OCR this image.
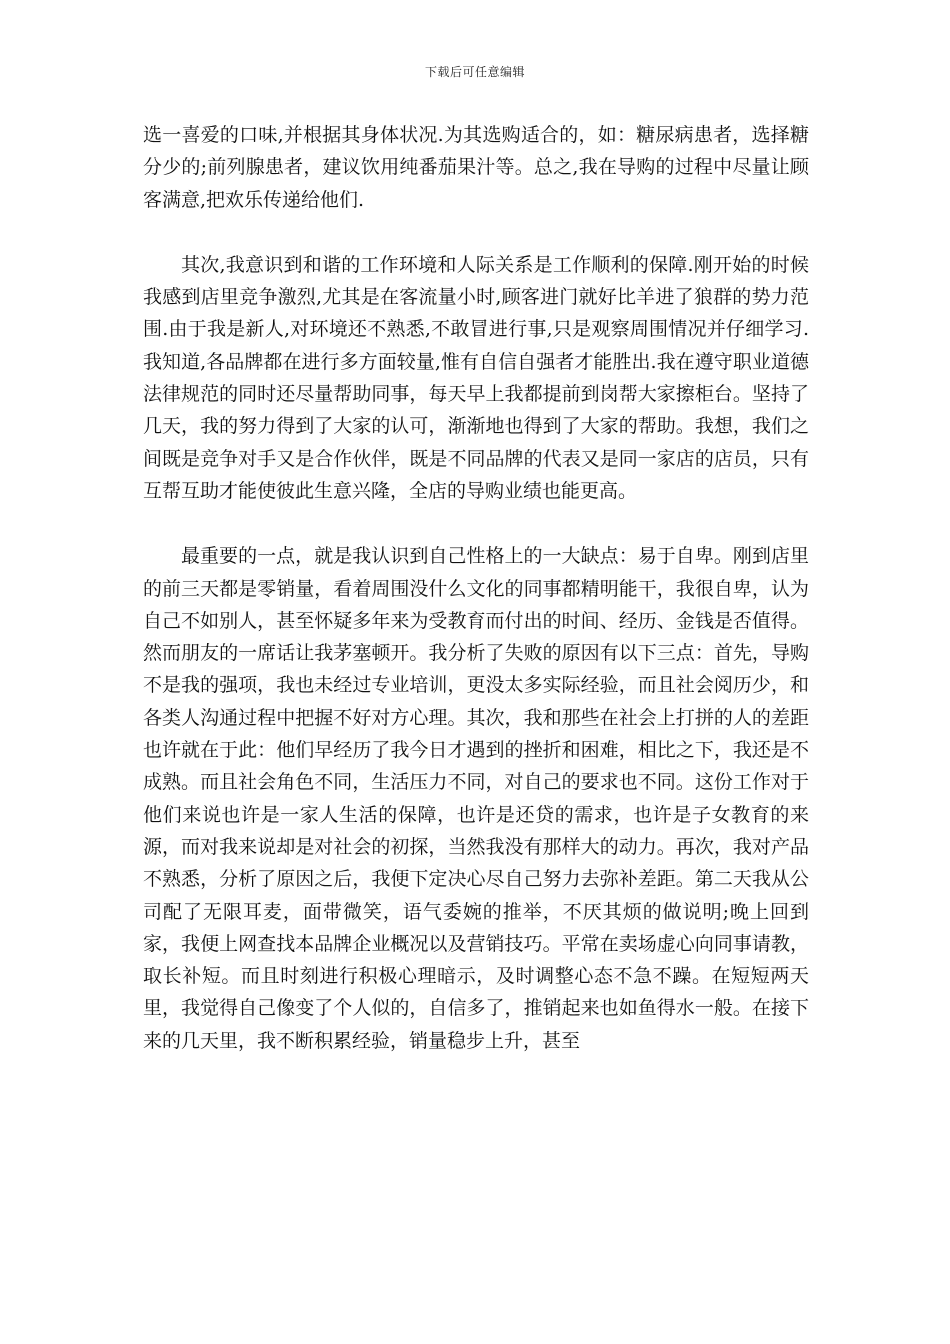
下载后可任意编辑

选一喜爱的口味,并根据其身体状况.为其选购适合的，如：糖尿病患者，选择糖分少的;前列腺患者，建议饮用纯番茄果汁等。总之,我在导购的过程中尽量让顾客满意,把欢乐传递给他们.

其次,我意识到和谐的工作环境和人际关系是工作顺利的保障.刚开始的时候我感到店里竞争激烈,尤其是在客流量小时,顾客进门就好比羊进了狼群的势力范围.由于我是新人,对环境还不熟悉,不敢冒进行事,只是观察周围情况并仔细学习.我知道,各品牌都在进行多方面较量,惟有自信自强者才能胜出.我在遵守职业道德法律规范的同时还尽量帮助同事，每天早上我都提前到岗帮大家擦柜台。坚持了几天，我的努力得到了大家的认可，渐渐地也得到了大家的帮助。我想，我们之间既是竞争对手又是合作伙伴，既是不同品牌的代表又是同一家店的店员，只有互帮互助才能使彼此生意兴隆，全店的导购业绩也能更高。

最重要的一点，就是我认识到自己性格上的一大缺点：易于自卑。刚到店里的前三天都是零销量，看着周围没什么文化的同事都精明能干，我很自卑，认为自己不如别人，甚至怀疑多年来为受教育而付出的时间、经历、金钱是否值得。然而朋友的一席话让我茅塞顿开。我分析了失败的原因有以下三点：首先，导购不是我的强项，我也未经过专业培训，更没太多实际经验，而且社会阅历少，和各类人沟通过程中把握不好对方心理。其次，我和那些在社会上打拼的人的差距也许就在于此：他们早经历了我今日才遇到的挫折和困难，相比之下，我还是不成熟。而且社会角色不同，生活压力不同，对自己的要求也不同。这份工作对于他们来说也许是一家人生活的保障，也许是还贷的需求，也许是子女教育的来源，而对我来说却是对社会的初探，当然我没有那样大的动力。再次，我对产品不熟悉，分析了原因之后，我便下定决心尽自己努力去弥补差距。第二天我从公司配了无限耳麦，面带微笑，语气委婉的推举，不厌其烦的做说明;晚上回到家，我便上网查找本品牌企业概况以及营销技巧。平常在卖场虚心向同事请教，取长补短。而且时刻进行积极心理暗示，及时调整心态不急不躁。在短短两天里，我觉得自己像变了个人似的，自信多了，推销起来也如鱼得水一般。在接下来的几天里，我不断积累经验，销量稳步上升，甚至
